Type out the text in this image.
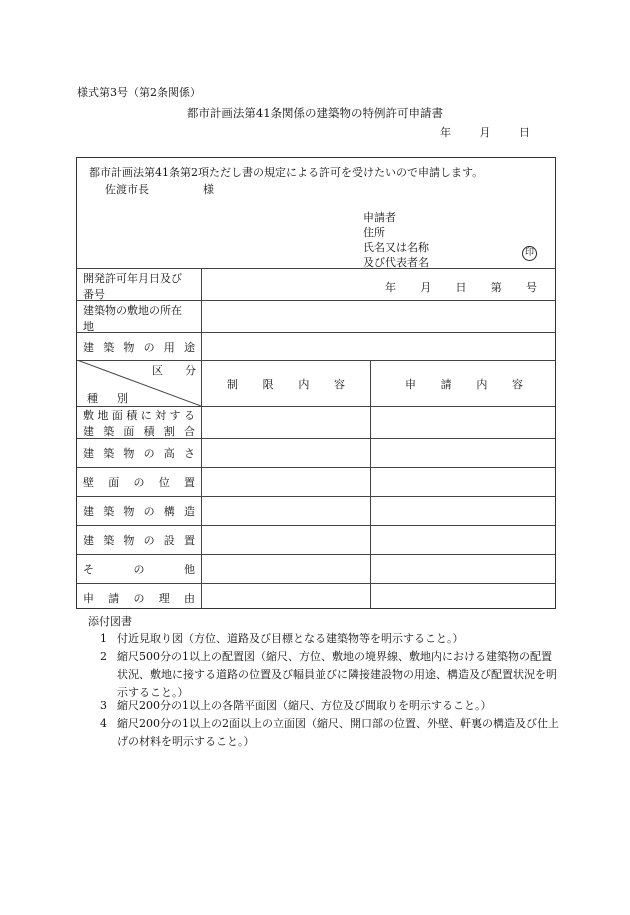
様式第3号（第2条関係）
都市計画法第41条関係の建築物の特例許可申請書
年	月	日
都市計画法第41条第2項ただし書の規定による許可を受けたいので申請します。
佐渡市長	様
申請者
住所
氏名又は名称
及び代表者名
印
開発許可年月日及び
番号
年 月 日 第 号
建築物の敷地の所在
地
建 築 物 の 用 途
区 分
種 別
制 限 内 容	申 請 内 容
敷 地 面 積 に 対 す る
建 築 面 積 割 合
建 築 物 の 高 さ
壁 面 の 位 置
建 築 物 の 構 造
建 築 物 の 設 置
そ	の	他
申 請 の 理 由
添付図書
1 付近見取り図（方位、道路及び目標となる建築物等を明示すること。）
2 縮尺500分の1以上の配置図（縮尺、方位、敷地の境界線、敷地内における建築物の配置状況、敷地に接する道路の位置及び幅員並びに隣接建設物の用途、構造及び配置状況を明示すること。）
3 縮尺200分の1以上の各階平面図（縮尺、方位及び間取りを明示すること。）
4 縮尺200分の1以上の2面以上の立面図（縮尺、開口部の位置、外壁、軒裏の構造及び仕上げの材料を明示すること。）
